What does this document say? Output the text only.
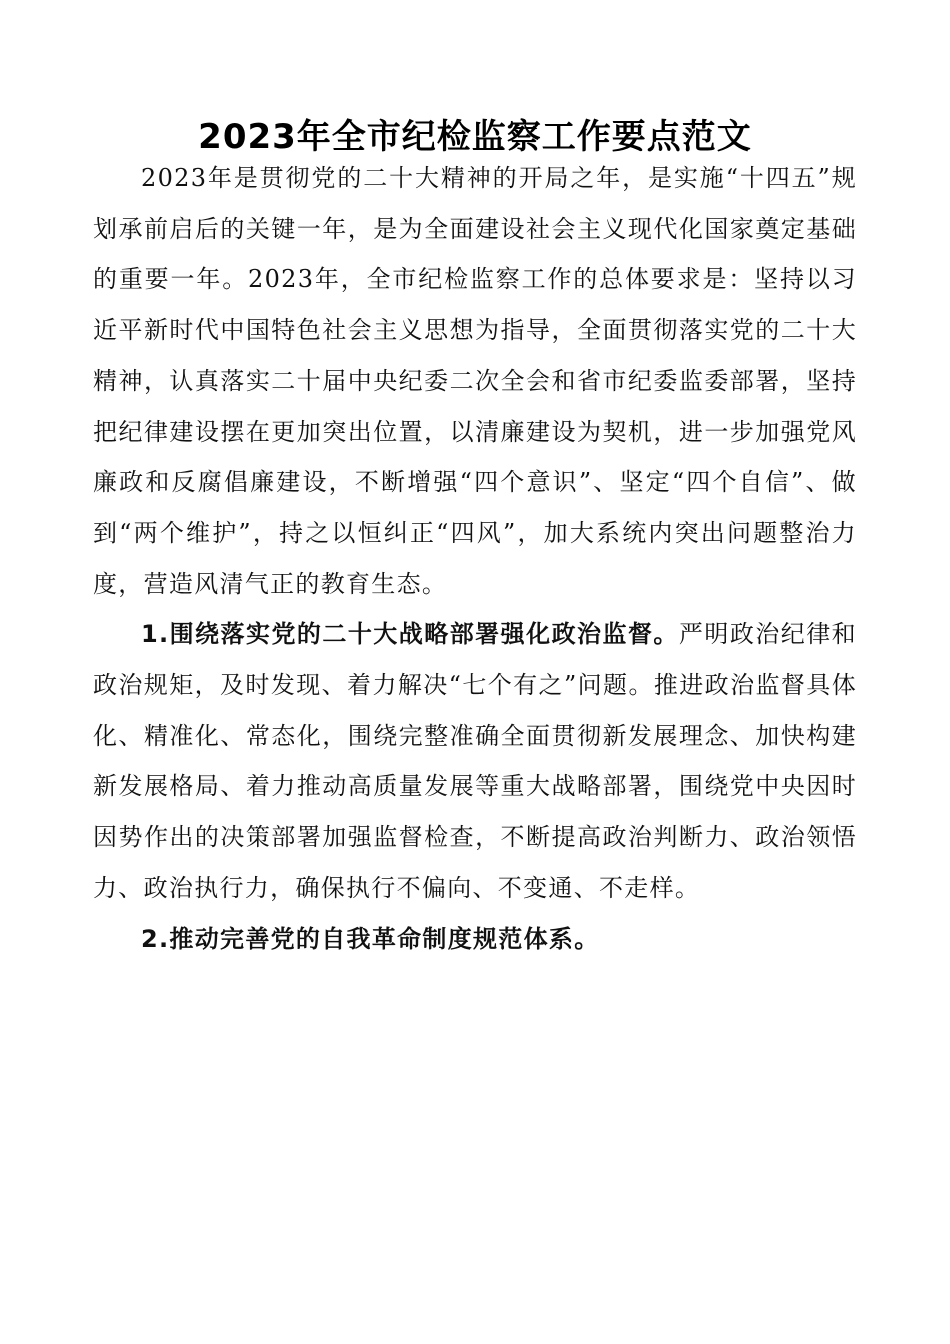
2023年全市纪检监察工作要点范文

2023年是贯彻党的二十大精神的开局之年，是实施“十四五”规划承前启后的关键一年，是为全面建设社会主义现代化国家奠定基础的重要一年。2023年，全市纪检监察工作的总体要求是：坚持以习近平新时代中国特色社会主义思想为指导，全面贯彻落实党的二十大精神，认真落实二十届中央纪委二次全会和省市纪委监委部署，坚持把纪律建设摆在更加突出位置，以清廉建设为契机，进一步加强党风廉政和反腐倡廉建设，不断增强“四个意识”、坚定“四个自信”、做到“两个维护”，持之以恒纠正“四风”，加大系统内突出问题整治力度，营造风清气正的教育生态。

1.围绕落实党的二十大战略部署强化政治监督。严明政治纪律和政治规矩，及时发现、着力解决“七个有之”问题。推进政治监督具体化、精准化、常态化，围绕完整准确全面贯彻新发展理念、加快构建新发展格局、着力推动高质量发展等重大战略部署，围绕党中央因时因势作出的决策部署加强监督检查，不断提高政治判断力、政治领悟力、政治执行力，确保执行不偏向、不变通、不走样。

2.推动完善党的自我革命制度规范体系。
